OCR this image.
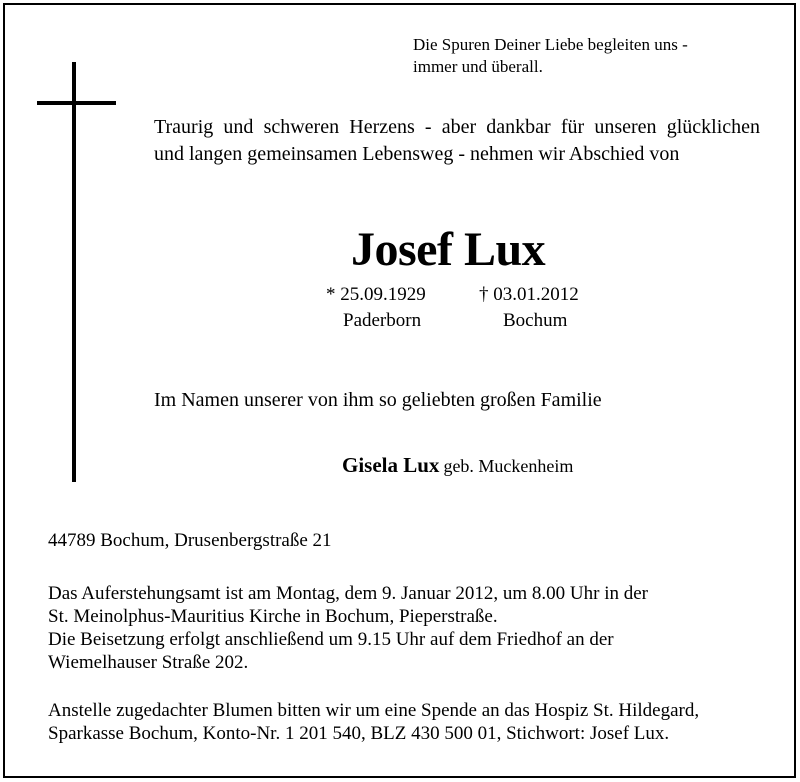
Die Spuren Deiner Liebe begleiten uns -
immer und überall.
Traurig und schweren Herzens - aber dankbar für unseren glücklichen
und langen gemeinsamen Lebensweg - nehmen wir Abschied von
Josef Lux
* 25.09.1929	† 03.01.2012
Paderborn	Bochum
Im Namen unserer von ihm so geliebten großen Familie
Gisela Lux geb. Muckenheim
44789 Bochum, Drusenbergstraße 21
Das Auferstehungsamt ist am Montag, dem 9. Januar 2012, um 8.00 Uhr in der
St. Meinolphus-Mauritius Kirche in Bochum, Pieperstraße.
Die Beisetzung erfolgt anschließend um 9.15 Uhr auf dem Friedhof an der
Wiemelhauser Straße 202.
Anstelle zugedachter Blumen bitten wir um eine Spende an das Hospiz St. Hildegard,
Sparkasse Bochum, Konto-Nr. 1 201 540, BLZ 430 500 01, Stichwort: Josef Lux.
